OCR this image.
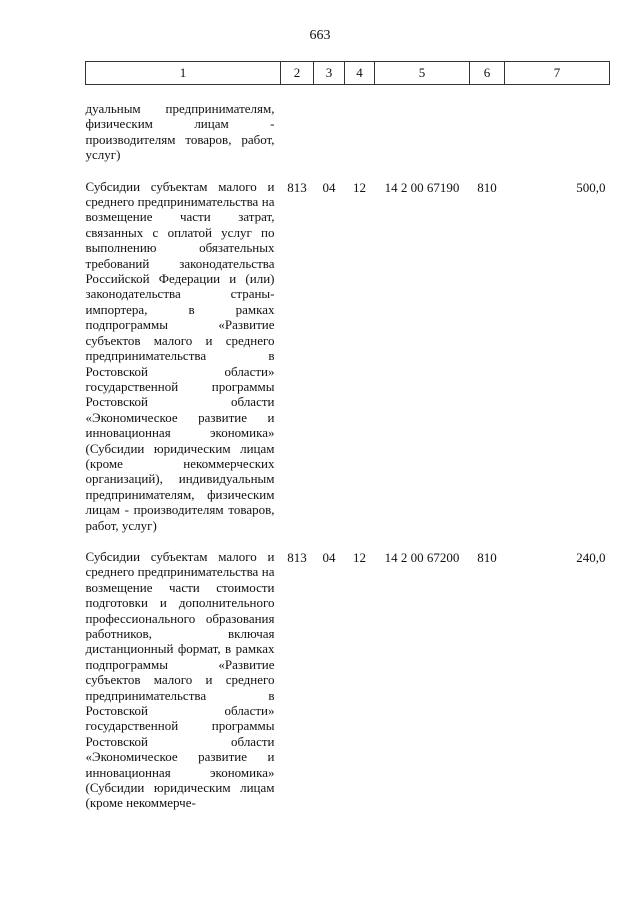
663
1	2	3	4	5	6	7

дуальным предпринимателям, физическим лицам - производителям товаров, работ, услуг)						

Субсидии субъектам малого и среднего предпринимательства на возмещение части затрат, связанных с оплатой услуг по выполнению обязательных требований законодательства Российской Федерации и (или) законодательства страны-импортера, в рамках подпрограммы «Развитие субъектов малого и среднего предпринимательства в Ростовской области» государственной программы Ростовской области «Экономическое развитие и инновационная экономика» (Субсидии юридическим лицам (кроме некоммерческих организаций), индивидуальным предпринимателям, физическим лицам - производителям товаров, работ, услуг)	813	04	12	14 2 00 67190	810	500,0

Субсидии субъектам малого и среднего предпринимательства на возмещение части стоимости подготовки и дополнительного профессионального образования работников, включая дистанционный формат, в рамках подпрограммы «Развитие субъектов малого и среднего предпринимательства в Ростовской области» государственной программы Ростовской области «Экономическое развитие и инновационная экономика» (Субсидии юридическим лицам (кроме некоммерче-	813	04	12	14 2 00 67200	810	240,0
